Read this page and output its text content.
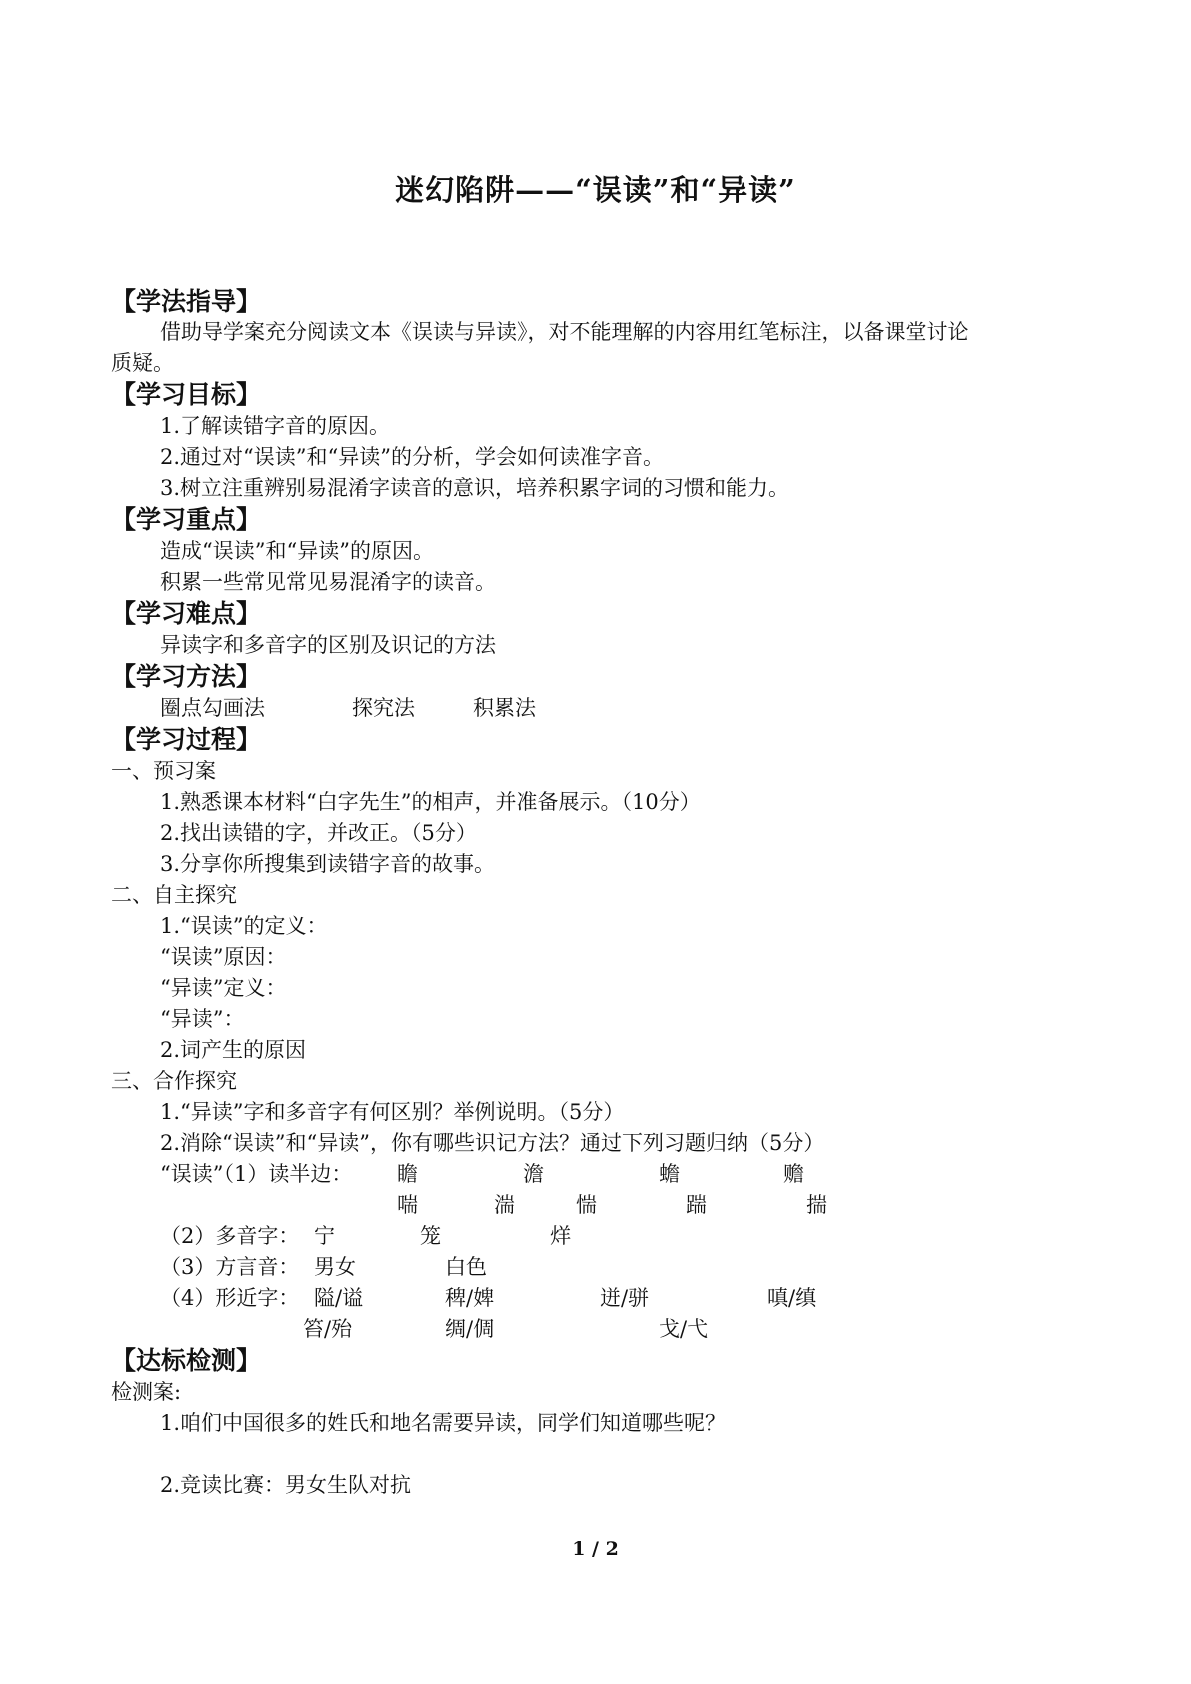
迷幻陷阱——“误读”和“异读”
【学法指导】
借助导学案充分阅读文本《误读与异读》，对不能理解的内容用红笔标注，以备课堂讨论
质疑。
【学习目标】
1.了解读错字音的原因。
2.通过对“误读”和“异读”的分析，学会如何读准字音。
3.树立注重辨别易混淆字读音的意识，培养积累字词的习惯和能力。
【学习重点】
造成“误读”和“异读”的原因。
积累一些常见常见易混淆字的读音。
【学习难点】
异读字和多音字的区别及识记的方法
【学习方法】
圈点勾画法	探究法	积累法
【学习过程】
一、预习案
1.熟悉课本材料“白字先生”的相声，并准备展示。（10分）
2.找出读错的字，并改正。（5分）
3.分享你所搜集到读错字音的故事。
二、自主探究
1.“误读”的定义：
“误读”原因：
“异读”定义：
“异读”：
2.词产生的原因
三、合作探究
1.“异读”字和多音字有何区别？举例说明。（5分）
2.消除“误读”和“异读”，你有哪些识记方法？通过下列习题归纳（5分）
“误读”（1）读半边： 瞻	澹	蟾	赡
喘	湍	惴	踹	揣
（2）多音字： 宁	笼	烊
（3）方言音： 男女	白色
（4）形近字： 隘/谥	稗/婢	迸/骈	嗔/缜
笞/殆	绸/倜	戈/弋
【达标检测】
检测案:
1.咱们中国很多的姓氏和地名需要异读，同学们知道哪些呢？
2.竞读比赛：男女生队对抗
1 / 2
